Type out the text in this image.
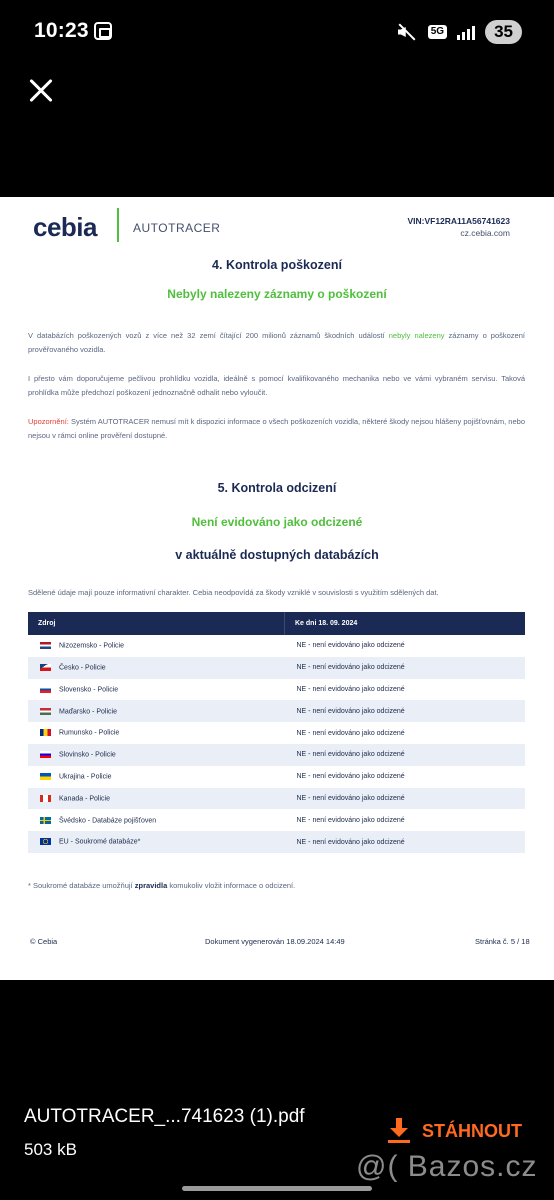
10:23	5G	35
cebia	AUTOTRACER	VIN:VF12RA11A56741623
cz.cebia.com
4. Kontrola poškození
Nebyly nalezeny záznamy o poškození

V databázích poškozených vozů z více než 32 zemí čítající 200 milionů záznamů škodních událostí nebyly nalezeny záznamy o poškození prověřovaného vozidla.

I přesto vám doporučujeme pečlivou prohlídku vozidla, ideálně s pomocí kvalifikovaného mechanika nebo ve vámi vybraném servisu. Taková prohlídka může předchozí poškození jednoznačně odhalit nebo vyloučit.

Upozornění: Systém AUTOTRACER nemusí mít k dispozici informace o všech poškozeních vozidla, některé škody nejsou hlášeny pojišťovnám, nebo nejsou v rámci online prověření dostupné.

5. Kontrola odcizení
Není evidováno jako odcizené
v aktuálně dostupných databázích

Sdělené údaje mají pouze informativní charakter. Cebia neodpovídá za škody vzniklé v souvislosti s využitím sdělených dat.

Zdroj	Ke dni 18. 09. 2024
Nizozemsko - Policie	NE - není evidováno jako odcizené
Česko - Policie	NE - není evidováno jako odcizené
Slovensko - Policie	NE - není evidováno jako odcizené
Maďarsko - Policie	NE - není evidováno jako odcizené
Rumunsko - Policie	NE - není evidováno jako odcizené
Slovinsko - Policie	NE - není evidováno jako odcizené
Ukrajina - Policie	NE - není evidováno jako odcizené
Kanada - Policie	NE - není evidováno jako odcizené
Švédsko - Databáze pojišťoven	NE - není evidováno jako odcizené
EU - Soukromé databáze*	NE - není evidováno jako odcizené

* Soukromé databáze umožňují zpravidla komukoliv vložit informace o odcizení.

© Cebia	Dokument vygenerován 18.09.2024 14:49	Stránka č. 5 / 18
AUTOTRACER_...741623 (1).pdf
503 kB
STÁHNOUT
@( Bazos.cz
